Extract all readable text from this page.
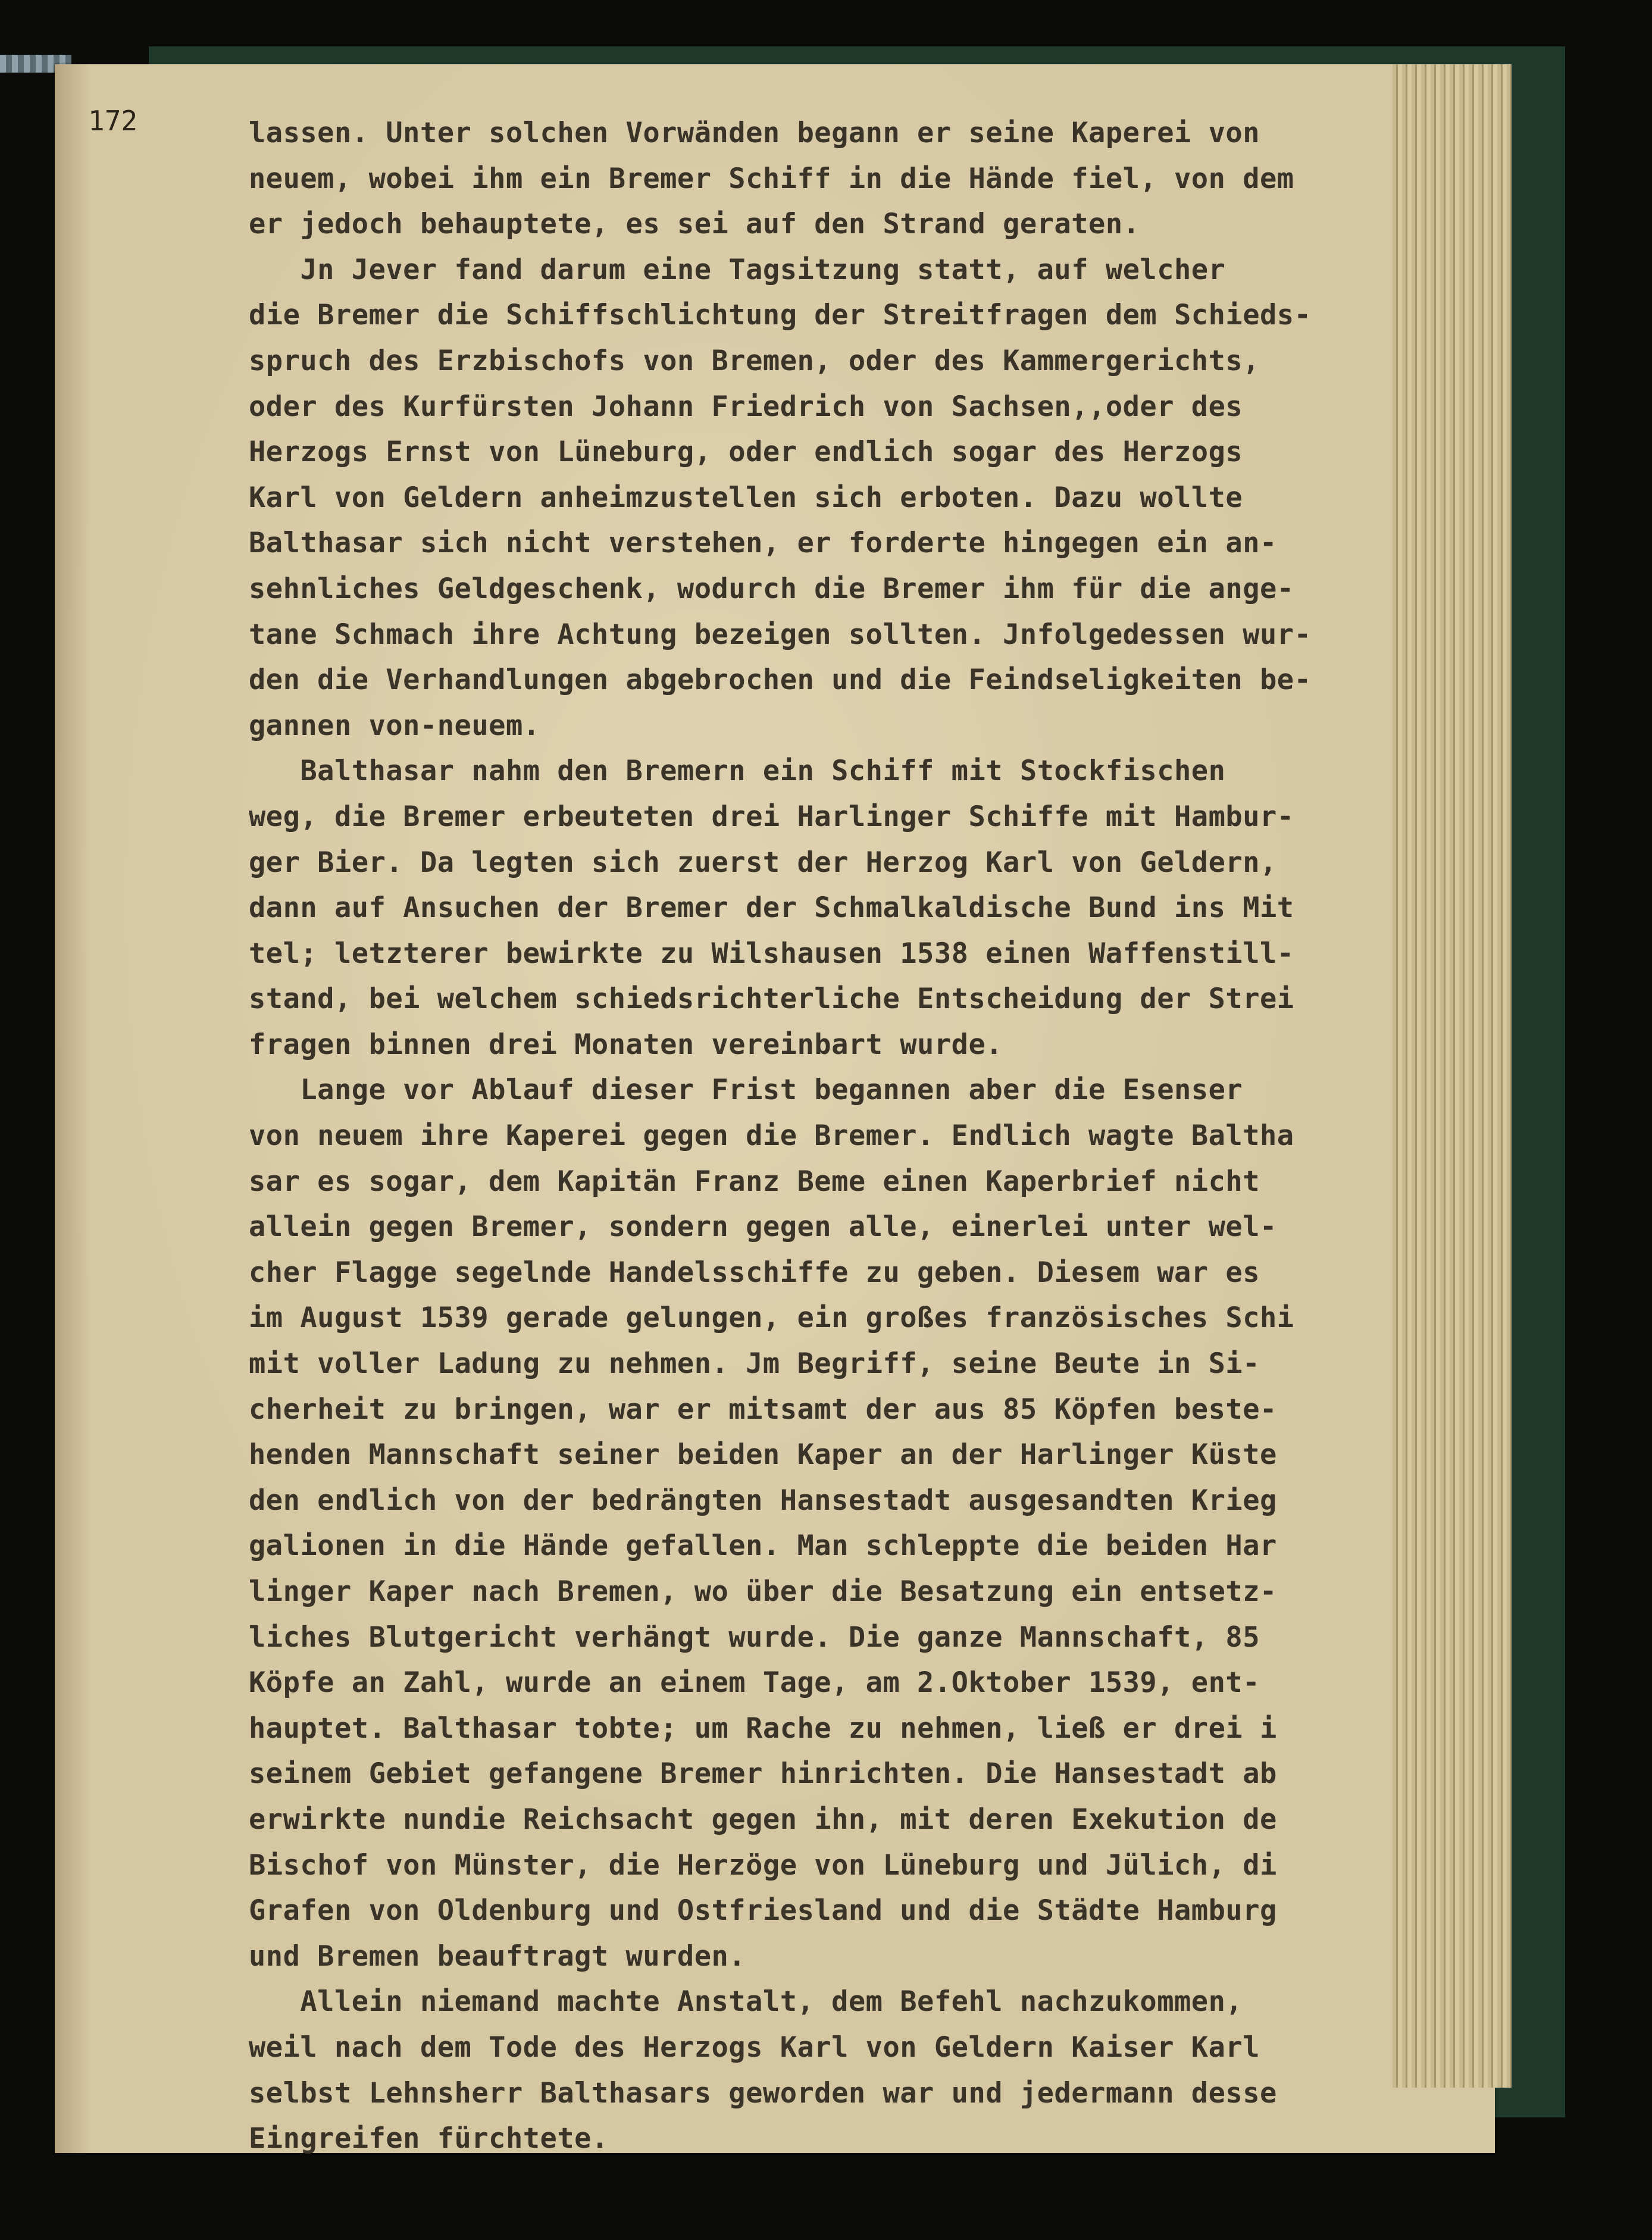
172	lassen. Unter solchen Vorwänden begann er seine Kaperei von
neuem, wobei ihm ein Bremer Schiff in die Hände fiel, von dem
er jedoch behauptete, es sei auf den Strand geraten.
Jn Jever fand darum eine Tagsitzung statt, auf welcher
die Bremer die Schiffschlichtung der Streitfragen dem Schieds-
spruch des Erzbischofs von Bremen, oder des Kammergerichts,
oder des Kurfürsten Johann Friedrich von Sachsen,,oder des
Herzogs Ernst von Lüneburg, oder endlich sogar des Herzogs
Karl von Geldern anheimzustellen sich erboten. Dazu wollte
Balthasar sich nicht verstehen, er forderte hingegen ein an-
sehnliches Geldgeschenk, wodurch die Bremer ihm für die ange-
tane Schmach ihre Achtung bezeigen sollten. Jnfolgedessen wur-
den die Verhandlungen abgebrochen und die Feindseligkeiten be-
gannen von-neuem.
Balthasar nahm den Bremern ein Schiff mit Stockfischen
weg, die Bremer erbeuteten drei Harlinger Schiffe mit Hambur-
ger Bier. Da legten sich zuerst der Herzog Karl von Geldern,
dann auf Ansuchen der Bremer der Schmalkaldische Bund ins Mit
tel; letzterer bewirkte zu Wilshausen 1538 einen Waffenstill-
stand, bei welchem schiedsrichterliche Entscheidung der Strei
fragen binnen drei Monaten vereinbart wurde.
Lange vor Ablauf dieser Frist begannen aber die Esenser
von neuem ihre Kaperei gegen die Bremer. Endlich wagte Baltha
sar es sogar, dem Kapitän Franz Beme einen Kaperbrief nicht
allein gegen Bremer, sondern gegen alle, einerlei unter wel-
cher Flagge segelnde Handelsschiffe zu geben. Diesem war es
im August 1539 gerade gelungen, ein großes französisches Schi
mit voller Ladung zu nehmen. Jm Begriff, seine Beute in Si-
cherheit zu bringen, war er mitsamt der aus 85 Köpfen beste-
henden Mannschaft seiner beiden Kaper an der Harlinger Küste
den endlich von der bedrängten Hansestadt ausgesandten Krieg
galionen in die Hände gefallen. Man schleppte die beiden Har
linger Kaper nach Bremen, wo über die Besatzung ein entsetz-
liches Blutgericht verhängt wurde. Die ganze Mannschaft, 85
Köpfe an Zahl, wurde an einem Tage, am 2.Oktober 1539, ent-
hauptet. Balthasar tobte; um Rache zu nehmen, ließ er drei i
seinem Gebiet gefangene Bremer hinrichten. Die Hansestadt ab
erwirkte nundie Reichsacht gegen ihn, mit deren Exekution de
Bischof von Münster, die Herzöge von Lüneburg und Jülich, di
Grafen von Oldenburg und Ostfriesland und die Städte Hamburg
und Bremen beauftragt wurden.
Allein niemand machte Anstalt, dem Befehl nachzukommen,
weil nach dem Tode des Herzogs Karl von Geldern Kaiser Karl
selbst Lehnsherr Balthasars geworden war und jedermann desse
Eingreifen fürchtete.
